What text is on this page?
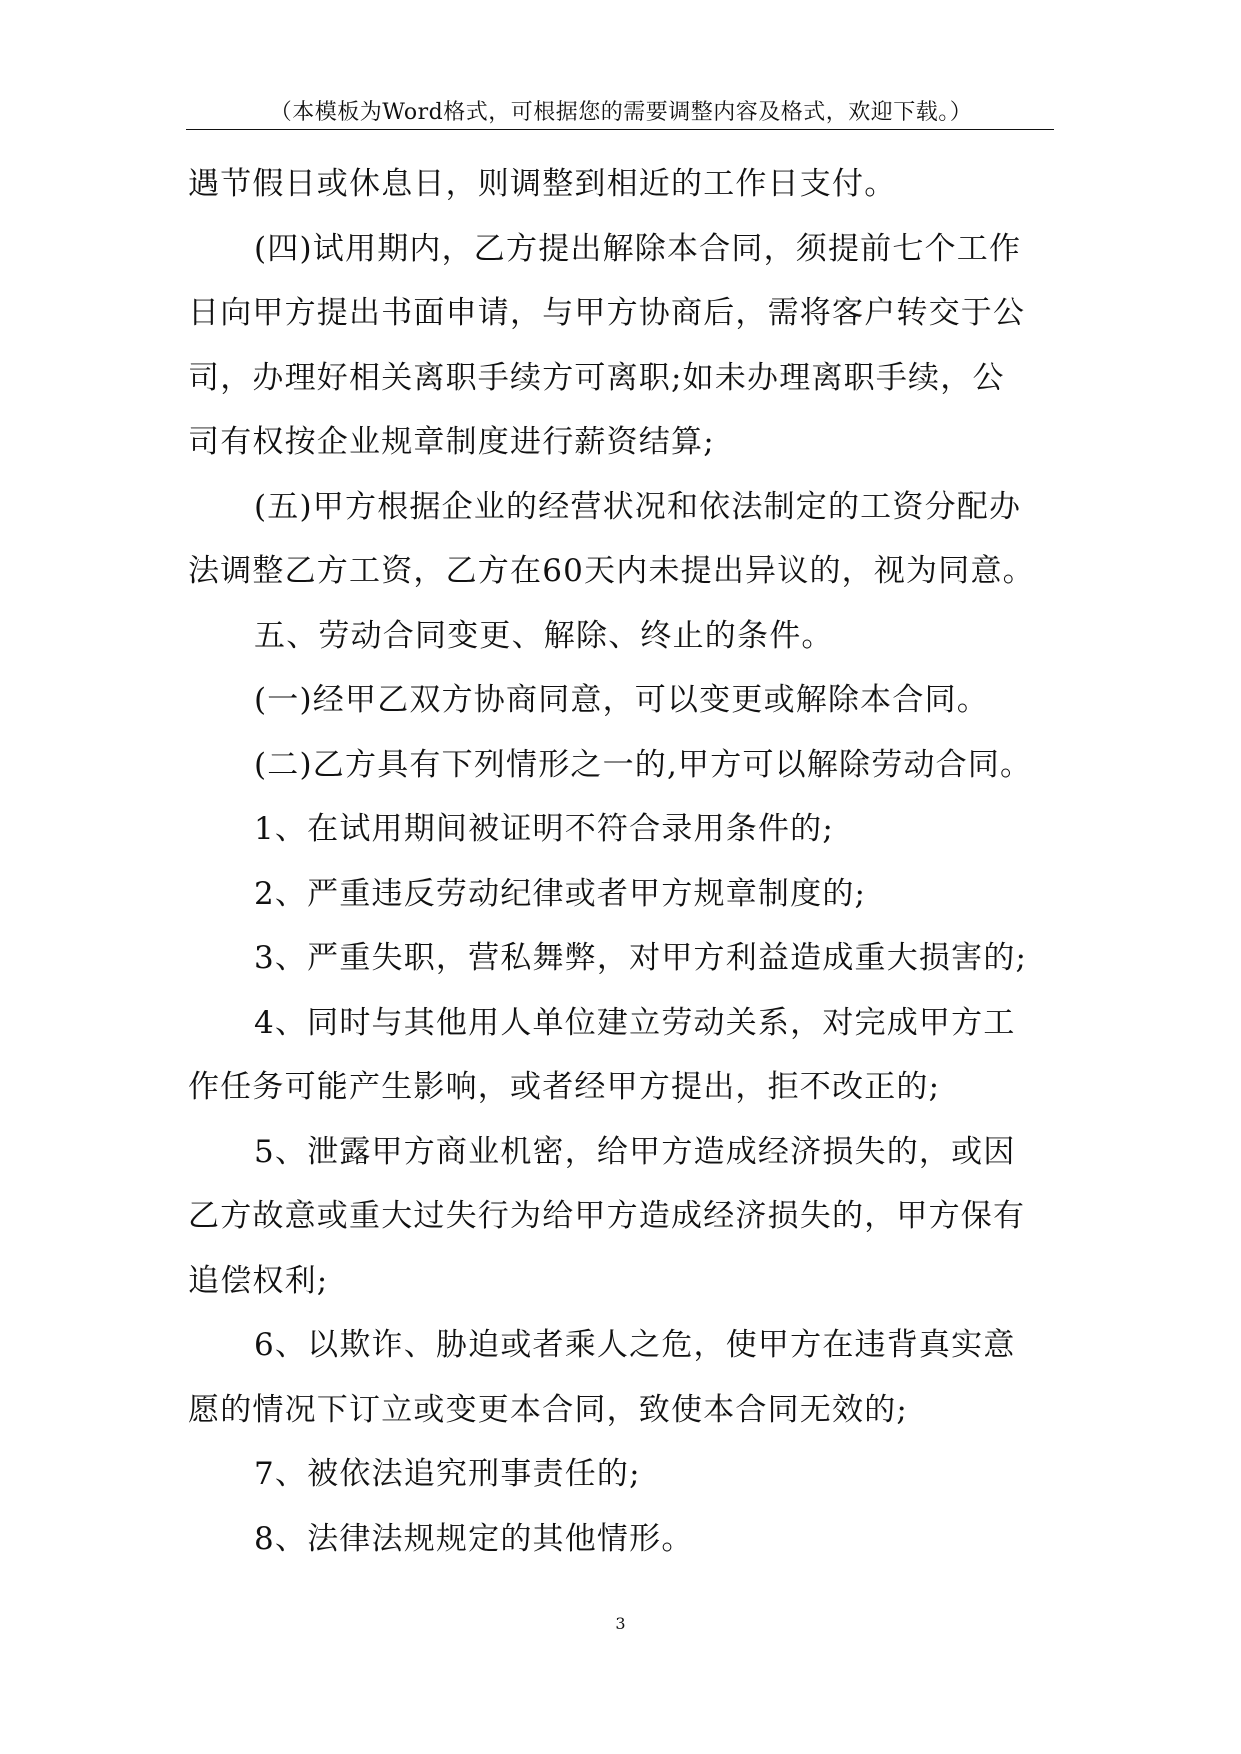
（本模板为Word格式，可根据您的需要调整内容及格式，欢迎下载。）
遇节假日或休息日，则调整到相近的工作日支付。
(四)试用期内，乙方提出解除本合同，须提前七个工作
日向甲方提出书面申请，与甲方协商后，需将客户转交于公
司，办理好相关离职手续方可离职;如未办理离职手续，公
司有权按企业规章制度进行薪资结算;
(五)甲方根据企业的经营状况和依法制定的工资分配办
法调整乙方工资，乙方在60天内未提出异议的，视为同意。
五、劳动合同变更、解除、终止的条件。
(一)经甲乙双方协商同意，可以变更或解除本合同。
(二)乙方具有下列情形之一的,甲方可以解除劳动合同。
1、在试用期间被证明不符合录用条件的;
2、严重违反劳动纪律或者甲方规章制度的;
3、严重失职，营私舞弊，对甲方利益造成重大损害的;
4、同时与其他用人单位建立劳动关系，对完成甲方工
作任务可能产生影响，或者经甲方提出，拒不改正的;
5、泄露甲方商业机密，给甲方造成经济损失的，或因
乙方故意或重大过失行为给甲方造成经济损失的，甲方保有
追偿权利;
6、以欺诈、胁迫或者乘人之危，使甲方在违背真实意
愿的情况下订立或变更本合同，致使本合同无效的;
7、被依法追究刑事责任的;
8、法律法规规定的其他情形。
3
